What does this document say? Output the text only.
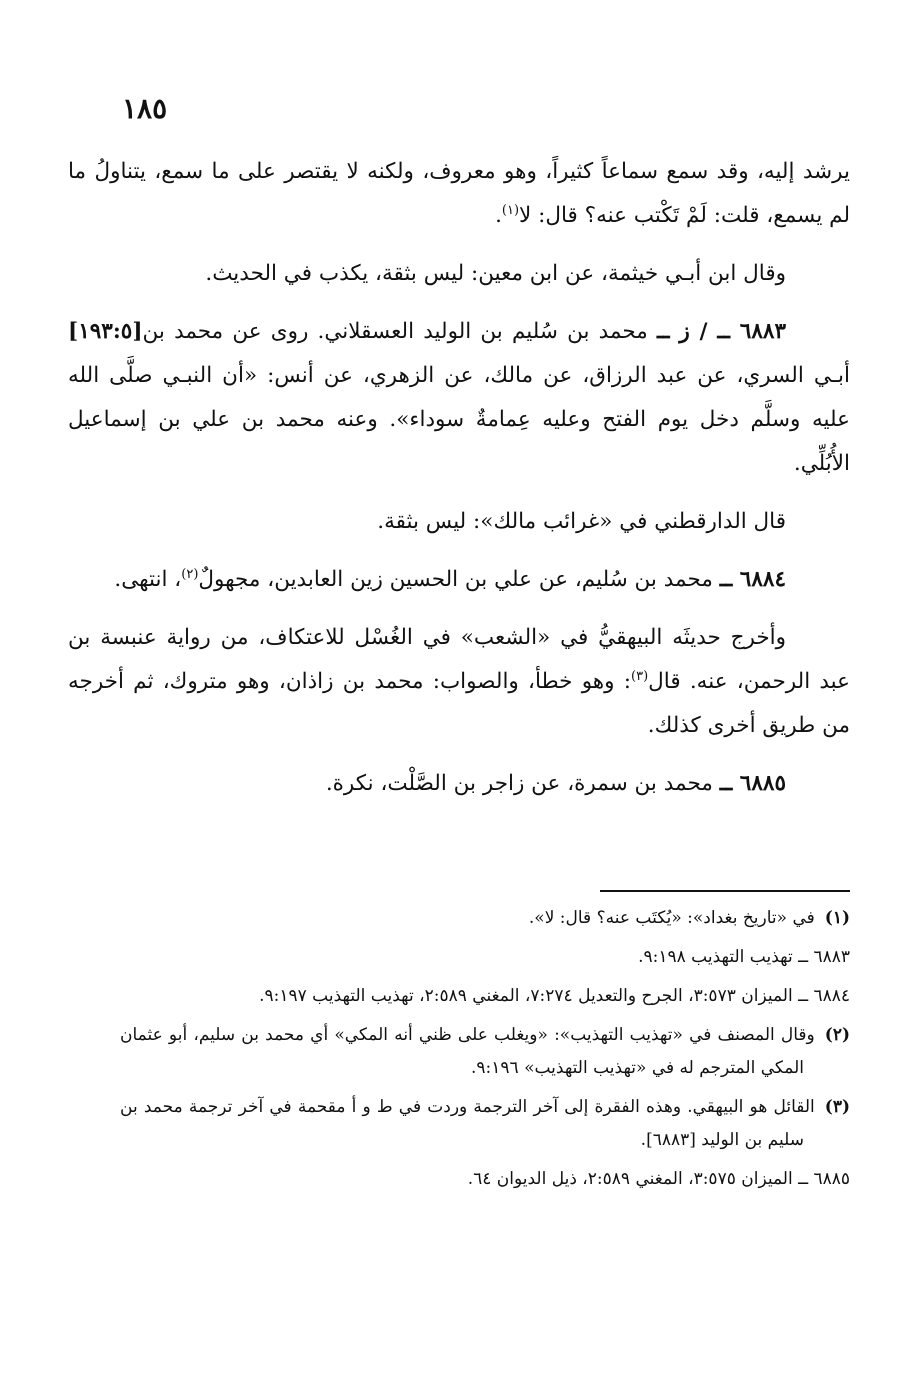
١٨٥

يرشد إليه، وقد سمع سماعاً كثيراً، وهو معروف، ولكنه لا يقتصر على ما سمع، يتناولُ ما لم يسمع، قلت: لَمْ تَكْتب عنه؟ قال: لا$^{(١)}$.

وقال ابن أبـي خيثمة، عن ابن معين: ليس بثقة، يكذب في الحديث.

[١٩٣:٥]	٦٨٨٣ ــ / ز ــ محمد بن سُليم بن الوليد العسقلاني. روى عن محمد بن أبـي السري، عن عبد الرزاق، عن مالك، عن الزهري، عن أنس: «أن النبـي صلَّى الله عليه وسلَّم دخل يوم الفتح وعليه عِمامةٌ سوداء». وعنه محمد بن علي بن إسماعيل الأُبُلِّي.

قال الدارقطني في «غرائب مالك»: ليس بثقة.

٦٨٨٤ ــ محمد بن سُليم، عن علي بن الحسين زين العابدين، مجهولٌ$^{(٢)}$، انتهى.

وأخرج حديثَه البيهقيُّ في «الشعب» في الغُسْل للاعتكاف، من رواية عنبسة بن عبد الرحمن، عنه. قال$^{(٣)}$: وهو خطأ، والصواب: محمد بن زاذان، وهو متروك، ثم أخرجه من طريق أخرى كذلك.

٦٨٨٥ ــ محمد بن سمرة، عن زاجر بن الصَّلْت، نكرة.

(١)في «تاريخ بغداد»: «يُكتَب عنه؟ قال: لا».
٦٨٨٣ ــ تهذيب التهذيب ٩:١٩٨.
٦٨٨٤ ــ الميزان ٣:٥٧٣، الجرح والتعديل ٧:٢٧٤، المغني ٢:٥٨٩، تهذيب التهذيب ٩:١٩٧.
(٢)وقال المصنف في «تهذيب التهذيب»: «ويغلب على ظني أنه المكي» أي محمد بن سليم، أبو عثمان المكي المترجم له في «تهذيب التهذيب» ٩:١٩٦.
(٣)القائل هو البيهقي. وهذه الفقرة إلى آخر الترجمة وردت في ط و أ مقحمة في آخر ترجمة محمد بن سليم بن الوليد [٦٨٨٣].
٦٨٨٥ ــ الميزان ٣:٥٧٥، المغني ٢:٥٨٩، ذيل الديوان ٦٤.
